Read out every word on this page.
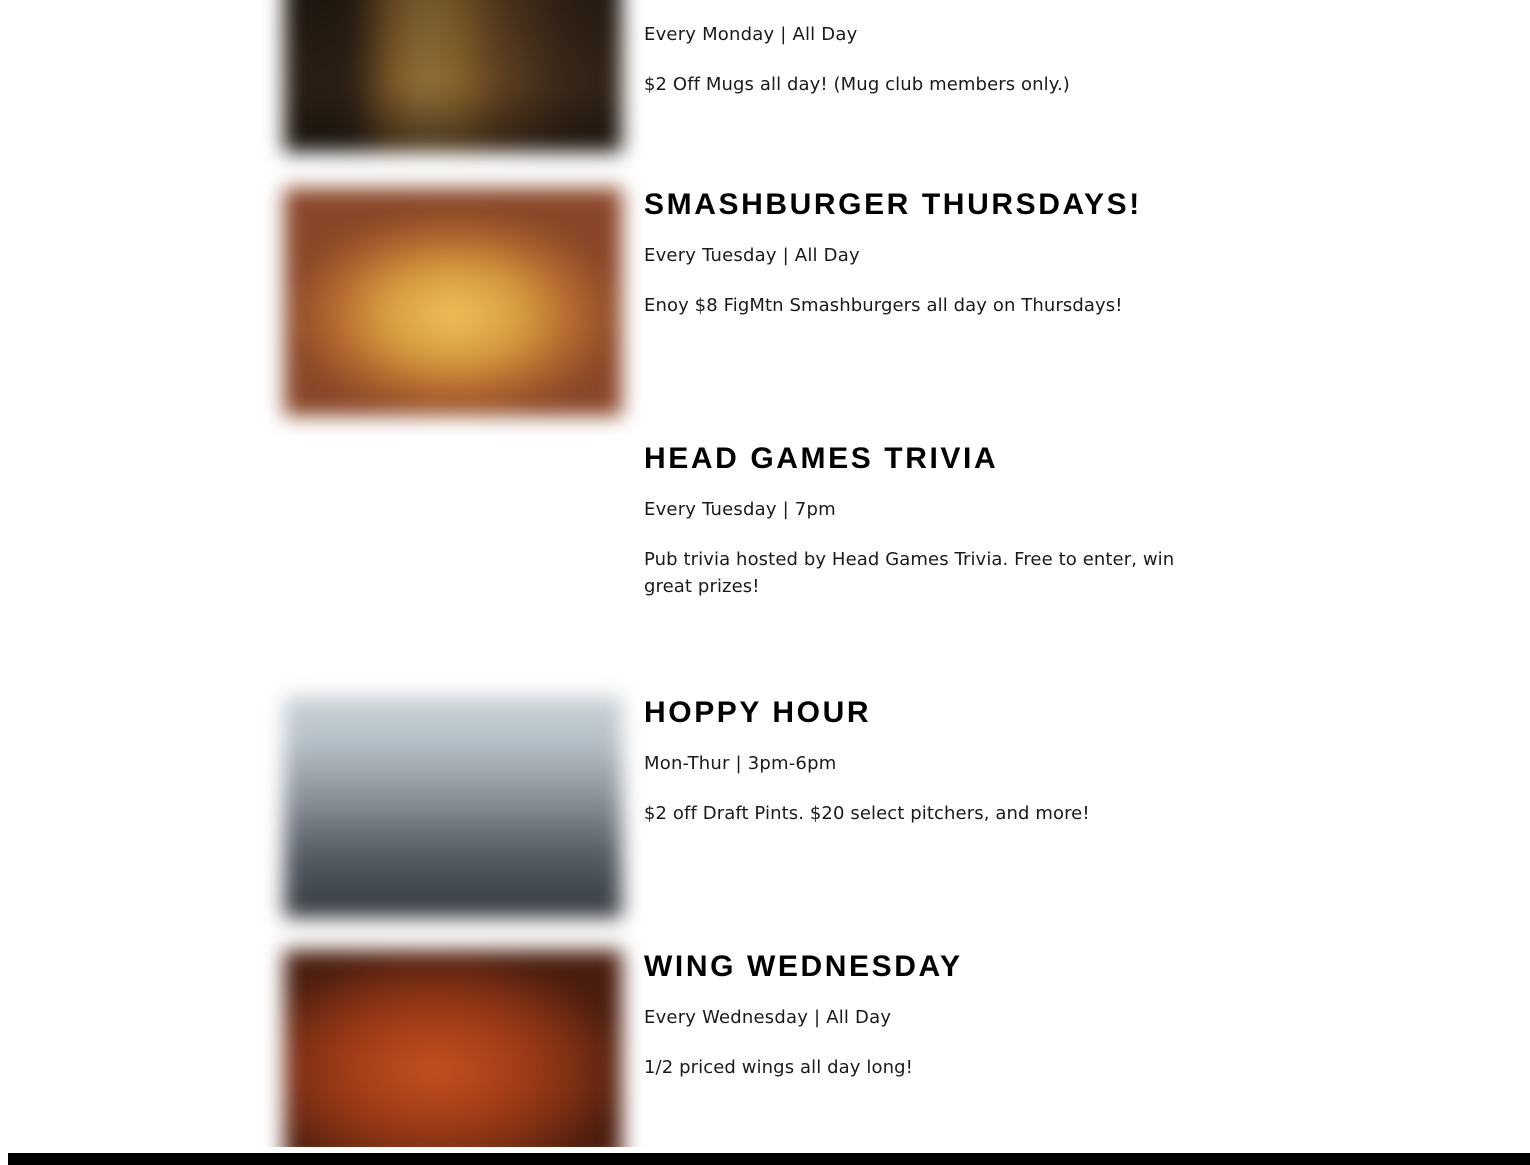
Every Monday | All Day

$2 Off Mugs all day! (Mug club members only.)

SMASHBURGER THURSDAYS!

Every Tuesday | All Day

Enoy $8 FigMtn Smashburgers all day on Thursdays!

HEAD GAMES TRIVIA

Every Tuesday | 7pm

Pub trivia hosted by Head Games Trivia. Free to enter, win great prizes!

HOPPY HOUR

Mon-Thur | 3pm-6pm

$2 off Draft Pints. $20 select pitchers, and more!

WING WEDNESDAY

Every Wednesday | All Day

1/2 priced wings all day long!
